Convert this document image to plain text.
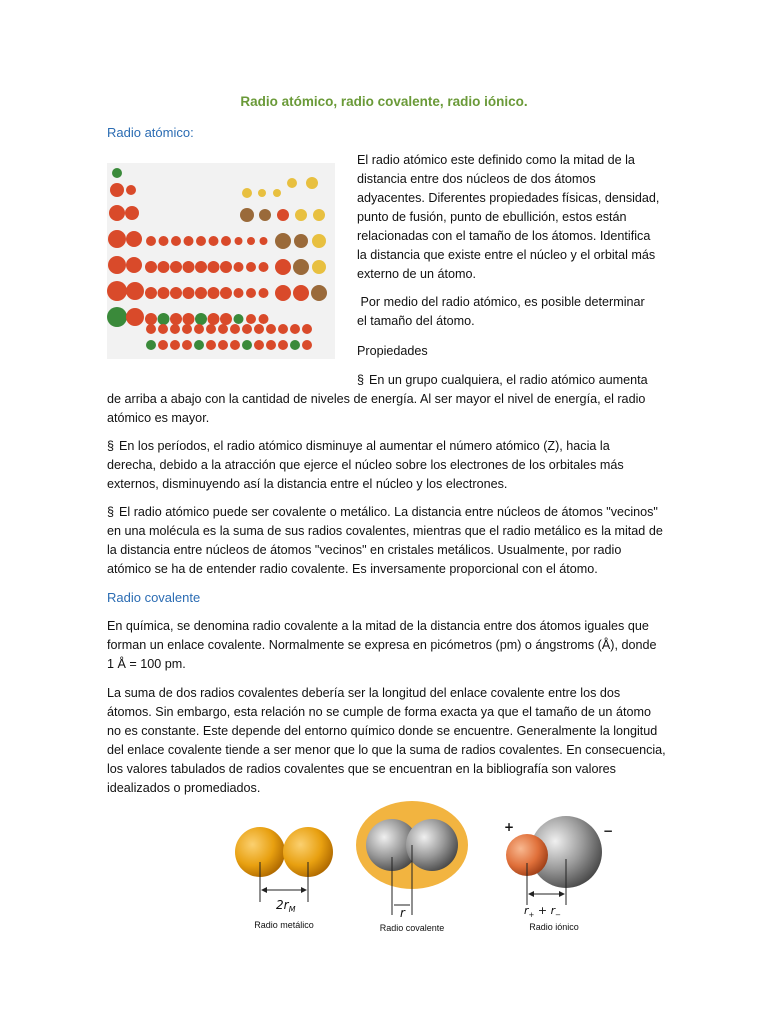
Radio atómico, radio covalente, radio iónico.
Radio atómico:

El radio atómico este definido como la mitad de la

distancia entre dos núcleos de dos átomos

adyacentes. Diferentes propiedades físicas, densidad,

punto de fusión, punto de ebullición, estos están

relacionadas con el tamaño de los átomos. Identifica

la distancia que existe entre el núcleo y el orbital más

externo de un átomo.

Por medio del radio atómico, es posible determinar

el tamaño del átomo.

Propiedades

§ En un grupo cualquiera, el radio atómico aumenta

de arriba a abajo con la cantidad de niveles de energía. Al ser mayor el nivel de energía, el radio

atómico es mayor.

§ En los períodos, el radio atómico disminuye al aumentar el número atómico (Z), hacia la

derecha, debido a la atracción que ejerce el núcleo sobre los electrones de los orbitales más

externos, disminuyendo así la distancia entre el núcleo y los electrones.

§ El radio atómico puede ser covalente o metálico. La distancia entre núcleos de átomos "vecinos"

en una molécula es la suma de sus radios covalentes, mientras que el radio metálico es la mitad de

la distancia entre núcleos de átomos "vecinos" en cristales metálicos. Usualmente, por radio

atómico se ha de entender radio covalente. Es inversamente proporcional con el átomo.

Radio covalente

En química, se denomina radio covalente a la mitad de la distancia entre dos átomos iguales que

forman un enlace covalente. Normalmente se expresa en picómetros (pm) o ángstroms (Å), donde

1 Å = 100 pm.

La suma de dos radios covalentes debería ser la longitud del enlace covalente entre los dos

átomos. Sin embargo, esta relación no se cumple de forma exacta ya que el tamaño de un átomo

no es constante. Este depende del entorno químico donde se encuentre. Generalmente la longitud

del enlace covalente tiende a ser menor que lo que la suma de radios covalentes. En consecuencia,

los valores tabulados de radios covalentes que se encuentran en la bibliografía son valores

idealizados o promediados.

$2r_M$
Radio metálico
r
Radio covalente
+	−
$r_+ + r_-$
Radio iónico
